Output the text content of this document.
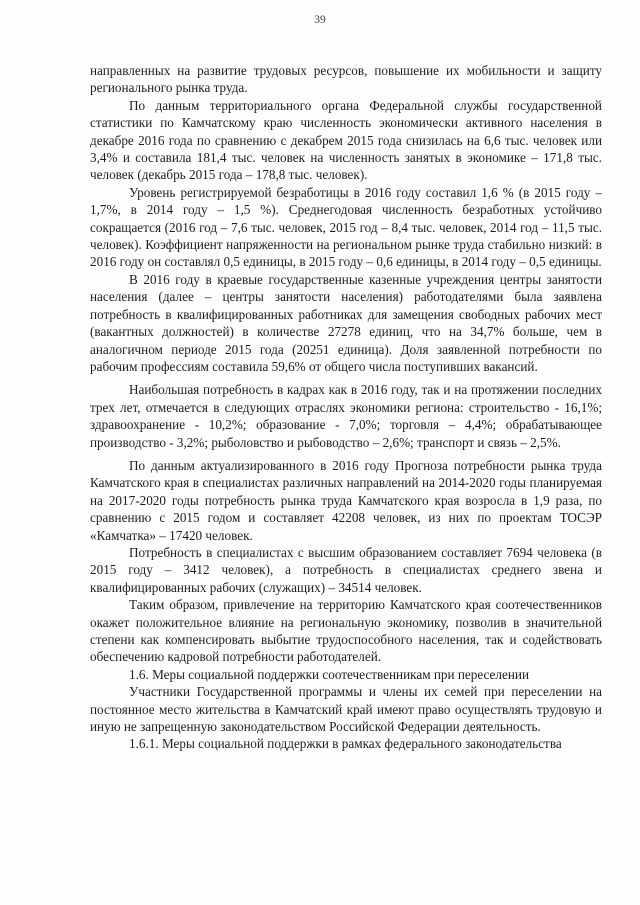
39

направленных на развитие трудовых ресурсов, повышение их мобильности и защиту регионального рынка труда.

По данным территориального органа Федеральной службы государственной статистики по Камчатскому краю численность экономически активного населения в декабре 2016 года по сравнению с декабрем 2015 года снизилась на 6,6 тыс. человек или 3,4% и составила 181,4 тыс. человек на численность занятых в экономике – 171,8 тыс. человек (декабрь 2015 года – 178,8 тыс. человек).

Уровень регистрируемой безработицы в 2016 году составил 1,6 % (в 2015 году – 1,7%, в 2014 году – 1,5 %). Среднегодовая численность безработных устойчиво сокращается (2016 год – 7,6 тыс. человек, 2015 год – 8,4 тыс. человек, 2014 год – 11,5 тыс. человек). Коэффициент напряженности на региональном рынке труда стабильно низкий: в 2016 году он составлял 0,5 единицы, в 2015 году – 0,6 единицы, в 2014 году – 0,5 единицы.

В 2016 году в краевые государственные казенные учреждения центры занятости населения (далее – центры занятости населения) работодателями была заявлена потребность в квалифицированных работниках для замещения свободных рабочих мест (вакантных должностей) в количестве 27278 единиц, что на 34,7% больше, чем в аналогичном периоде 2015 года (20251 единица). Доля заявленной потребности по рабочим профессиям составила 59,6% от общего числа поступивших вакансий.

Наибольшая потребность в кадрах как в 2016 году, так и на протяжении последних трех лет, отмечается в следующих отраслях экономики региона: строительство - 16,1%; здравоохранение - 10,2%; образование - 7,0%; торговля – 4,4%; обрабатывающее производство - 3,2%; рыболовство и рыбоводство – 2,6%; транспорт и связь – 2,5%.

По данным актуализированного в 2016 году Прогноза потребности рынка труда Камчатского края в специалистах различных направлений на 2014-2020 годы планируемая на 2017-2020 годы потребность рынка труда Камчатского края возросла в 1,9 раза, по сравнению с 2015 годом и составляет 42208 человек, из них по проектам ТОСЭР «Камчатка» – 17420 человек.

Потребность в специалистах с высшим образованием составляет 7694 человека (в 2015 году – 3412 человек), а потребность в специалистах среднего звена и квалифицированных рабочих (служащих) – 34514 человек.

Таким образом, привлечение на территорию Камчатского края соотечественников окажет положительное влияние на региональную экономику, позволив в значительной степени как компенсировать выбытие трудоспособного населения, так и содействовать обеспечению кадровой потребности работодателей.

1.6. Меры социальной поддержки соотечественникам при переселении

Участники Государственной программы и члены их семей при переселении на постоянное место жительства в Камчатский край имеют право осуществлять трудовую и иную не запрещенную законодательством Российской Федерации деятельность.

1.6.1. Меры социальной поддержки в рамках федерального законодательства
